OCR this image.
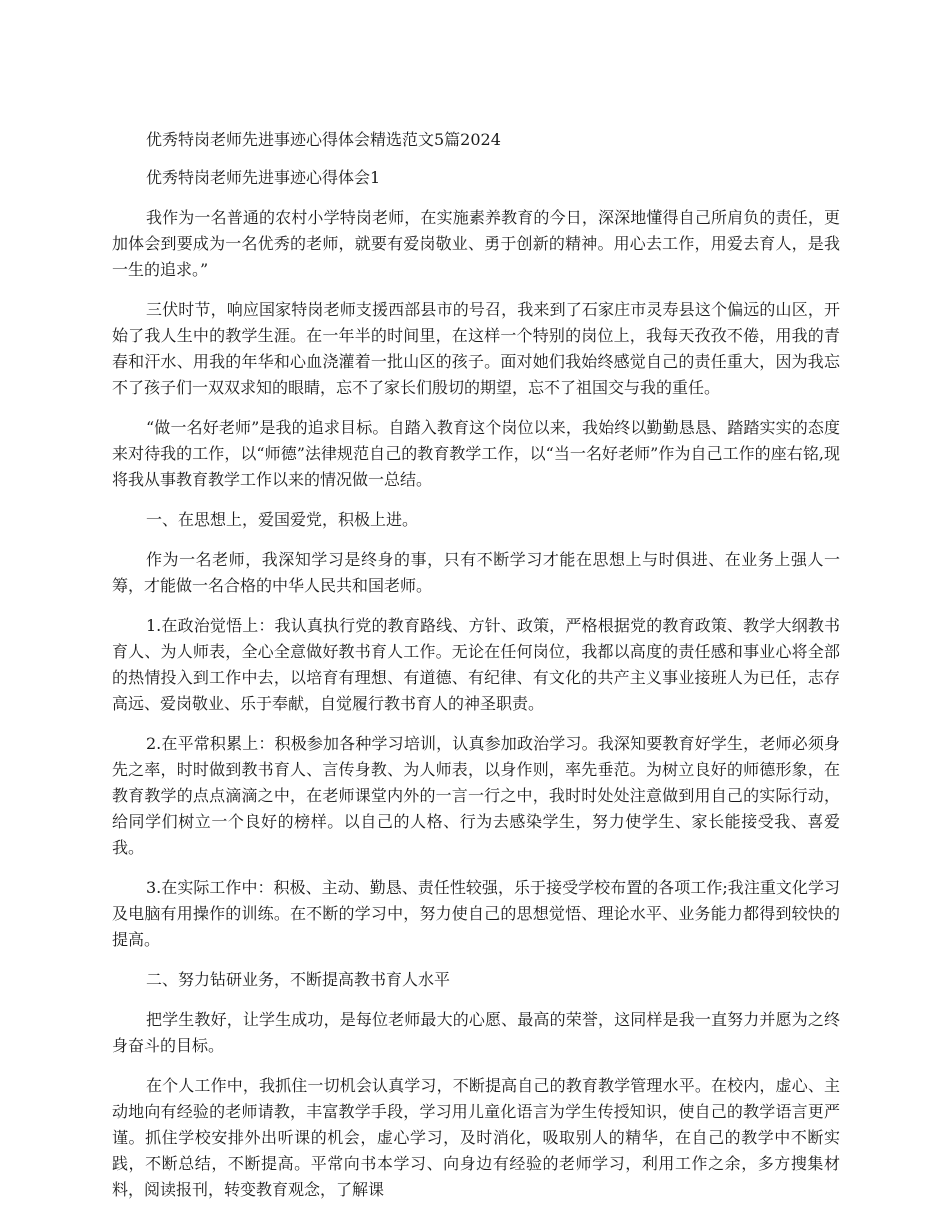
优秀特岗老师先进事迹心得体会精选范文5篇2024

优秀特岗老师先进事迹心得体会1

我作为一名普通的农村小学特岗老师，在实施素养教育的今日，深深地懂得自己所肩负的责任，更加体会到要成为一名优秀的老师，就要有爱岗敬业、勇于创新的精神。用心去工作，用爱去育人，是我一生的追求。”

三伏时节，响应国家特岗老师支援西部县市的号召，我来到了石家庄市灵寿县这个偏远的山区，开始了我人生中的教学生涯。在一年半的时间里，在这样一个特别的岗位上，我每天孜孜不倦，用我的青春和汗水、用我的年华和心血浇灌着一批山区的孩子。面对她们我始终感觉自己的责任重大，因为我忘不了孩子们一双双求知的眼睛，忘不了家长们殷切的期望，忘不了祖国交与我的重任。

“做一名好老师”是我的追求目标。自踏入教育这个岗位以来，我始终以勤勤恳恳、踏踏实实的态度来对待我的工作，以“师德”法律规范自己的教育教学工作，以“当一名好老师”作为自己工作的座右铭,现将我从事教育教学工作以来的情况做一总结。

一、在思想上，爱国爱党，积极上进。

作为一名老师，我深知学习是终身的事，只有不断学习才能在思想上与时俱进、在业务上强人一筹，才能做一名合格的中华人民共和国老师。

1.在政治觉悟上：我认真执行党的教育路线、方针、政策，严格根据党的教育政策、教学大纲教书育人、为人师表，全心全意做好教书育人工作。无论在任何岗位，我都以高度的责任感和事业心将全部的热情投入到工作中去，以培育有理想、有道德、有纪律、有文化的共产主义事业接班人为已任，志存高远、爱岗敬业、乐于奉献，自觉履行教书育人的神圣职责。

2.在平常积累上：积极参加各种学习培训，认真参加政治学习。我深知要教育好学生，老师必须身先之率，时时做到教书育人、言传身教、为人师表，以身作则，率先垂范。为树立良好的师德形象，在教育教学的点点滴滴之中，在老师课堂内外的一言一行之中，我时时处处注意做到用自己的实际行动，给同学们树立一个良好的榜样。以自己的人格、行为去感染学生，努力使学生、家长能接受我、喜爱我。

3.在实际工作中：积极、主动、勤恳、责任性较强，乐于接受学校布置的各项工作;我注重文化学习及电脑有用操作的训练。在不断的学习中，努力使自己的思想觉悟、理论水平、业务能力都得到较快的提高。

二、努力钻研业务，不断提高教书育人水平

把学生教好，让学生成功，是每位老师最大的心愿、最高的荣誉，这同样是我一直努力并愿为之终身奋斗的目标。

在个人工作中，我抓住一切机会认真学习，不断提高自己的教育教学管理水平。在校内，虚心、主动地向有经验的老师请教，丰富教学手段，学习用儿童化语言为学生传授知识，使自己的教学语言更严谨。抓住学校安排外出听课的机会，虚心学习，及时消化，吸取别人的精华，在自己的教学中不断实践，不断总结，不断提高。平常向书本学习、向身边有经验的老师学习，利用工作之余，多方搜集材料，阅读报刊，转变教育观念，了解课
